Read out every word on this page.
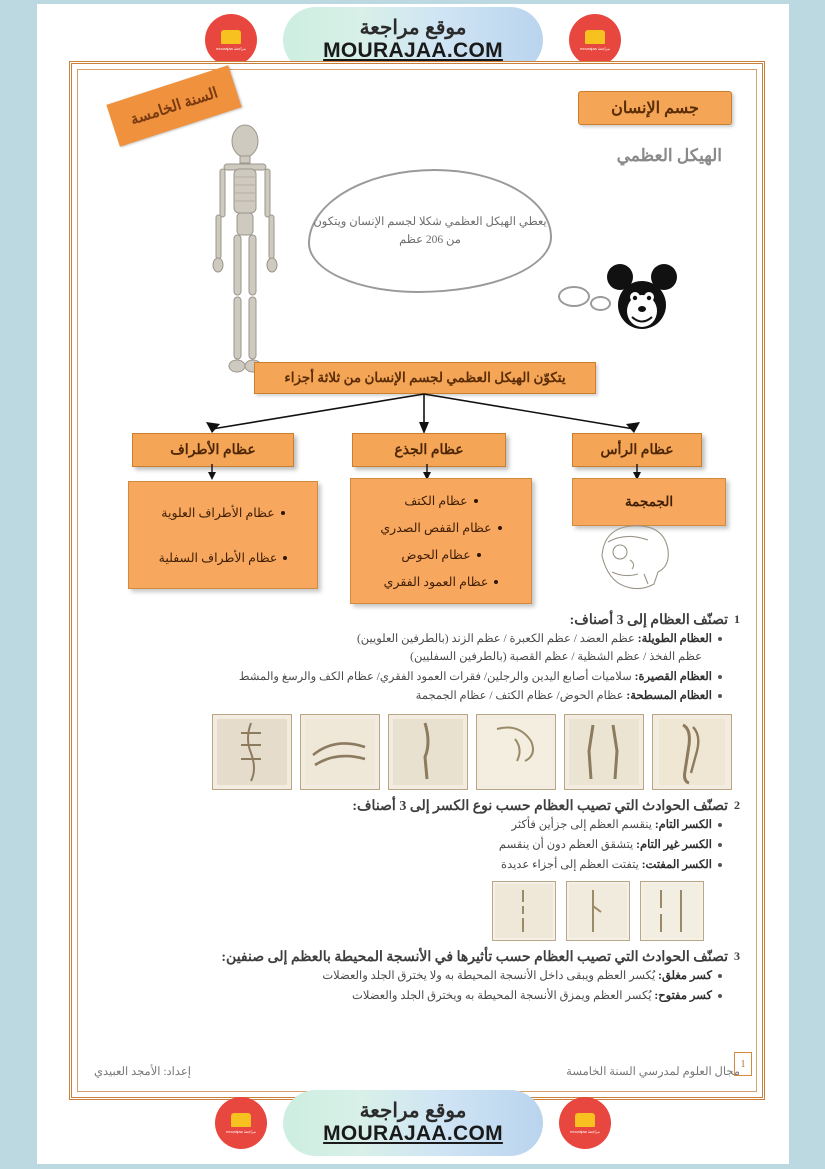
مراجعة mourajaa
موقع مراجعة
MOURAJAA.COM	مراجعة mourajaa
السنة الخامسة	جسم الإنسان
الهيكل العظمي
يعطي الهيكل العظمي شكلا لجسم الإنسان ويتكون من 206 عظم
يتكوّن الهيكل العظمي لجسم الإنسان من ثلاثة أجزاء
عظام الأطراف	عظام الجذع	عظام الرأس
عظام الأطراف العلوية
عظام الأطراف السفلية
عظام الكتف
عظام القفص الصدري
عظام الحوض
عظام العمود الفقري
الجمجمة
1
تصنّف العظام إلى 3 أصناف:
العظام الطويلة: عظم العضد / عظم الكعبرة / عظم الزند (بالطرفين العلويين)
عظم الفخذ / عظم الشظية / عظم القصبة (بالطرفين السفليين)
العظام القصيرة: سلاميات أصابع اليدين والرجلين/ فقرات العمود الفقري/ عظام الكف والرسغ والمشط
العظام المسطحة: عظام الحوض/ عظام الكتف / عظام الجمجمة
2
تصنّف الحوادث التي تصيب العظام حسب نوع الكسر إلى 3 أصناف:
الكسر التام: ينقسم العظم إلى جزأين فأكثر
الكسر غير التام: يتشقق العظم دون أن ينقسم
الكسر المفتت: يتفتت العظم إلى أجزاء عديدة
3
تصنّف الحوادث التي تصيب العظام حسب تأثيرها في الأنسجة المحيطة بالعظم إلى صنفين:
كسر مغلق: يُكسر العظم ويبقى داخل الأنسجة المحيطة به ولا يخترق الجلد والعضلات
كسر مفتوح: يُكسر العظم ويمزق الأنسجة المحيطة به ويخترق الجلد والعضلات
مجال العلوم لمدرسي السنة الخامسة
إعداد: الأمجد العبيدي
1
مراجعة mourajaa
موقع مراجعة
MOURAJAA.COM	مراجعة mourajaa
